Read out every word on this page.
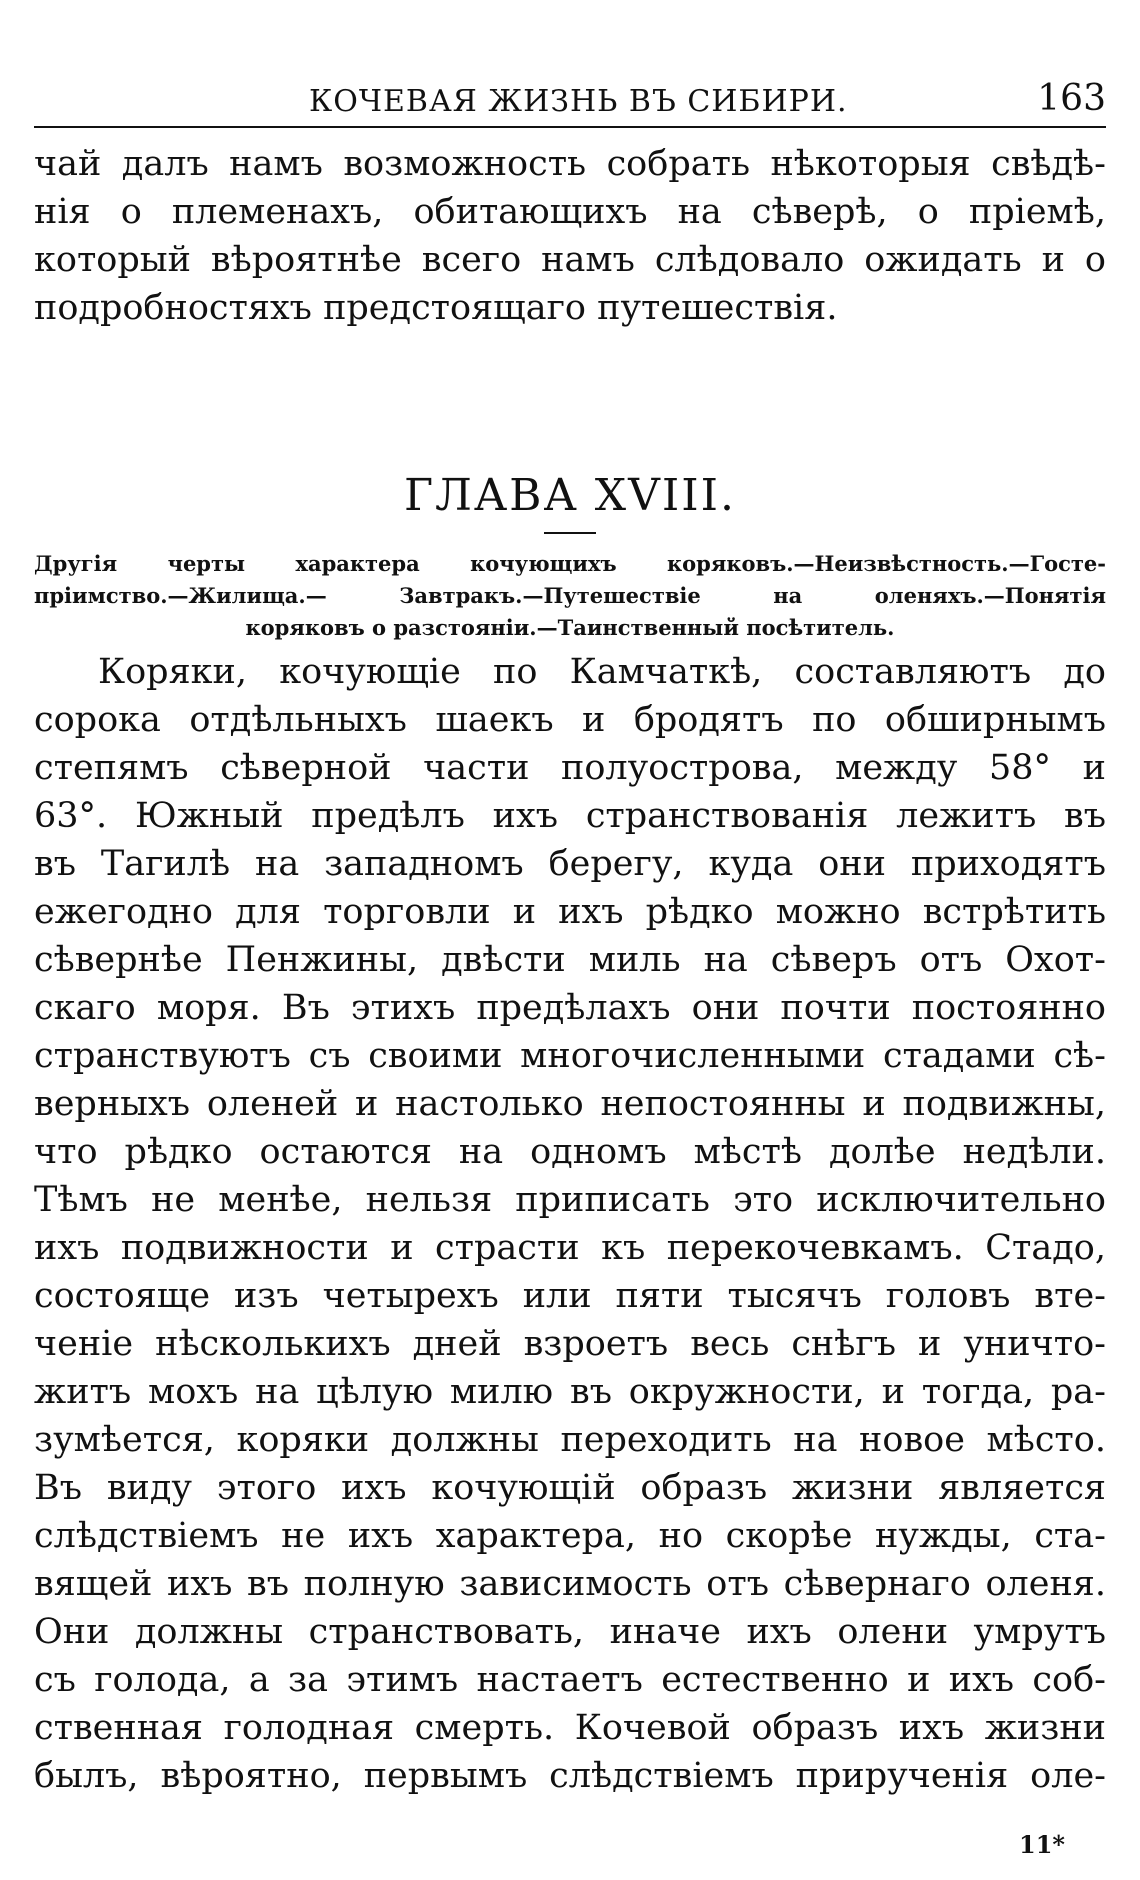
КОЧЕВАЯ ЖИЗНЬ ВЪ СИБИРИ.	163
чай далъ намъ возможность собрать нѣкоторыя свѣдѣ-
нія о племенахъ, обитающихъ на сѣверѣ, о пріемѣ,
который вѣроятнѣе всего намъ слѣдовало ожидать и о
подробностяхъ предстоящаго путешествія.
ГЛАВА XVIII.
Другія черты характера кочующихъ коряковъ.—Неизвѣстность.—Госте-
пріимство.—Жилища.— Завтракъ.—Путешествіе на оленяхъ.—Понятія
коряковъ о разстояніи.—Таинственный посѣтитель.
Коряки, кочующіе по Камчаткѣ, составляютъ до
сорока отдѣльныхъ шаекъ и бродятъ по обширнымъ
степямъ сѣверной части полуострова, между 58° и
63°. Южный предѣлъ ихъ странствованія лежитъ въ
въ Тагилѣ на западномъ берегу, куда они приходятъ
ежегодно для торговли и ихъ рѣдко можно встрѣтить
сѣвернѣе Пенжины, двѣсти миль на сѣверъ отъ Охот-
скаго моря. Въ этихъ предѣлахъ они почти постоянно
странствуютъ съ своими многочисленными стадами сѣ-
верныхъ оленей и настолько непостоянны и подвижны,
что рѣдко остаются на одномъ мѣстѣ долѣе недѣли.
Тѣмъ не менѣе, нельзя приписать это исключительно
ихъ подвижности и страсти къ перекочевкамъ. Стадо,
состояще изъ четырехъ или пяти тысячъ головъ вте-
ченіе нѣсколькихъ дней взроетъ весь снѣгъ и уничто-
житъ мохъ на цѣлую милю въ окружности, и тогда, ра-
зумѣется, коряки должны переходить на новое мѣсто.
Въ виду этого ихъ кочующій образъ жизни является
слѣдствіемъ не ихъ характера, но скорѣе нужды, ста-
вящей ихъ въ полную зависимость отъ сѣвернаго оленя.
Они должны странствовать, иначе ихъ олени умрутъ
съ голода, а за этимъ настаетъ естественно и ихъ соб-
ственная голодная смерть. Кочевой образъ ихъ жизни
былъ, вѣроятно, первымъ слѣдствіемъ прирученія оле-
11*
